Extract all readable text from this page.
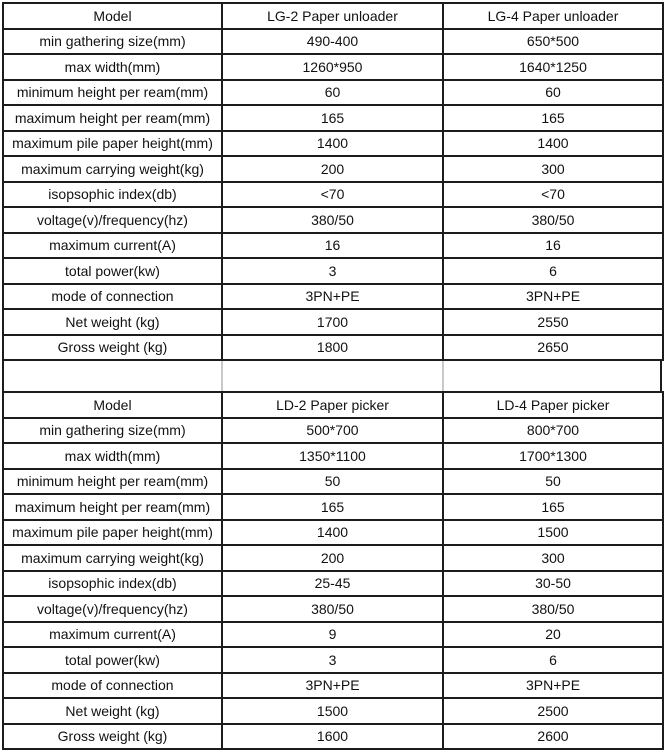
Model	LG-2 Paper unloader	LG-4 Paper unloader
min gathering size(mm)	490-400	650*500
max width(mm)	1260*950	1640*1250
minimum height per ream(mm)	60	60
maximum height per ream(mm)	165	165
maximum pile paper height(mm)	1400	1400
maximum carrying weight(kg)	200	300
isopsophic index(db)	<70	<70
voltage(v)/frequency(hz)	380/50	380/50
maximum current(A)	16	16
total power(kw)	3	6
mode of connection	3PN+PE	3PN+PE
Net weight (kg)	1700	2550
Gross weight (kg)	1800	2650
Model	LD-2 Paper picker	LD-4 Paper picker
min gathering size(mm)	500*700	800*700
max width(mm)	1350*1100	1700*1300
minimum height per ream(mm)	50	50
maximum height per ream(mm)	165	165
maximum pile paper height(mm)	1400	1500
maximum carrying weight(kg)	200	300
isopsophic index(db)	25-45	30-50
voltage(v)/frequency(hz)	380/50	380/50
maximum current(A)	9	20
total power(kw)	3	6
mode of connection	3PN+PE	3PN+PE
Net weight (kg)	1500	2500
Gross weight (kg)	1600	2600
